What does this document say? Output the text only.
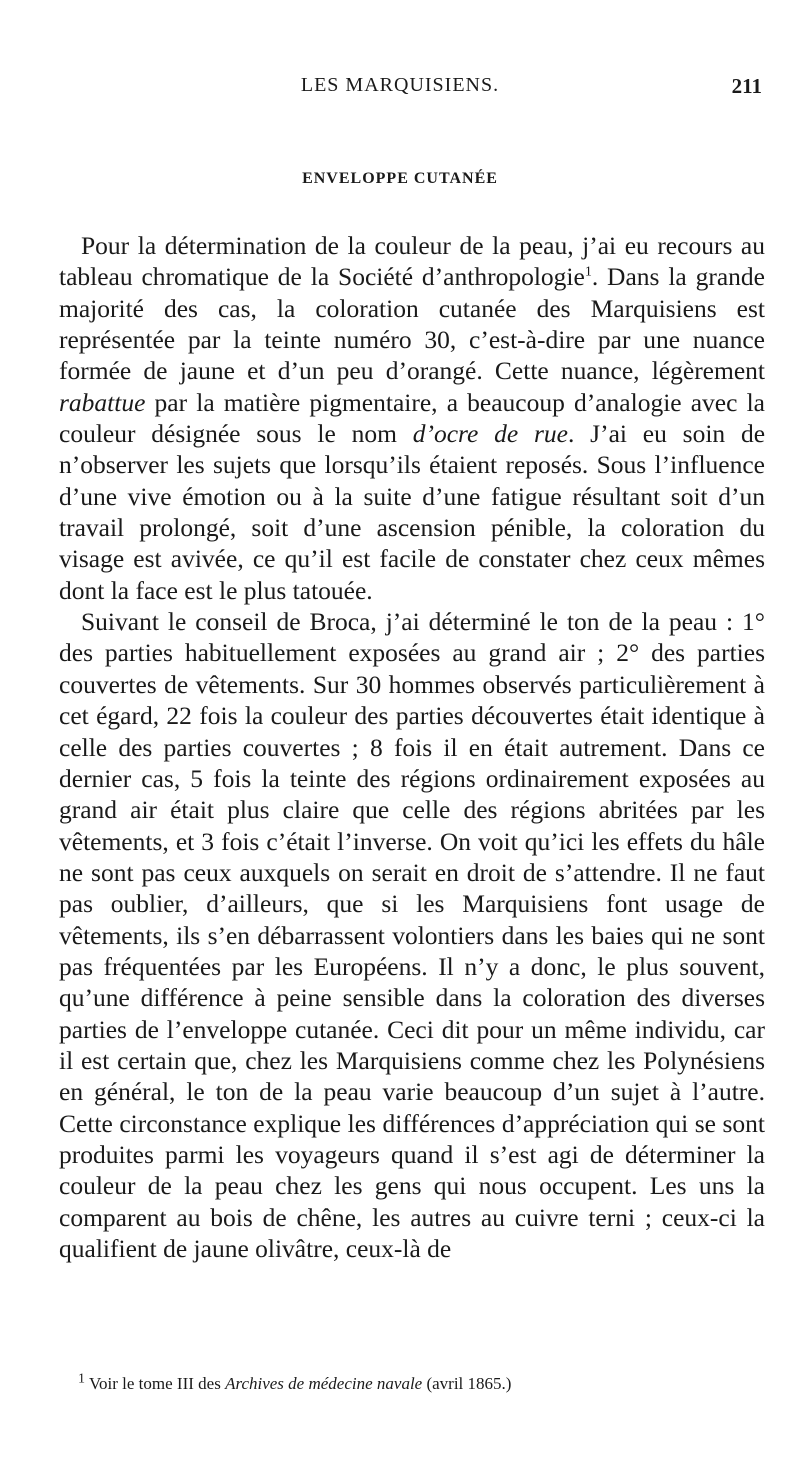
LES MARQUISIENS.	211
ENVELOPPE CUTANÉE

Pour la détermination de la couleur de la peau, j’ai eu recours au tableau chromatique de la Société d’anthropologie$^1$. Dans la grande majorité des cas, la coloration cutanée des Marquisiens est représentée par la teinte numéro 30, c’est-à-dire par une nuance formée de jaune et d’un peu d’orangé. Cette nuance, légèrement rabattue par la matière pigmentaire, a beaucoup d’analogie avec la couleur désignée sous le nom d’ocre de rue. J’ai eu soin de n’observer les sujets que lorsqu’ils étaient reposés. Sous l’influence d’une vive émotion ou à la suite d’une fatigue résultant soit d’un travail prolongé, soit d’une ascension pénible, la coloration du visage est avivée, ce qu’il est facile de constater chez ceux mêmes dont la face est le plus tatouée.

Suivant le conseil de Broca, j’ai déterminé le ton de la peau : 1° des parties habituellement exposées au grand air ; 2° des parties couvertes de vêtements. Sur 30 hommes observés particulièrement à cet égard, 22 fois la couleur des parties découvertes était identique à celle des parties couvertes ; 8 fois il en était autrement. Dans ce dernier cas, 5 fois la teinte des régions ordinairement exposées au grand air était plus claire que celle des régions abritées par les vêtements, et 3 fois c’était l’inverse. On voit qu’ici les effets du hâle ne sont pas ceux auxquels on serait en droit de s’attendre. Il ne faut pas oublier, d’ailleurs, que si les Marquisiens font usage de vêtements, ils s’en débarrassent volontiers dans les baies qui ne sont pas fréquentées par les Européens. Il n’y a donc, le plus souvent, qu’une différence à peine sensible dans la coloration des diverses parties de l’enveloppe cutanée. Ceci dit pour un même individu, car il est certain que, chez les Marquisiens comme chez les Polynésiens en général, le ton de la peau varie beaucoup d’un sujet à l’autre. Cette circonstance explique les différences d’appréciation qui se sont produites parmi les voyageurs quand il s’est agi de déterminer la couleur de la peau chez les gens qui nous occupent. Les uns la comparent au bois de chêne, les autres au cuivre terni ; ceux-ci la qualifient de jaune olivâtre, ceux-là de

$^1$ Voir le tome III des Archives de médecine navale (avril 1865.)
